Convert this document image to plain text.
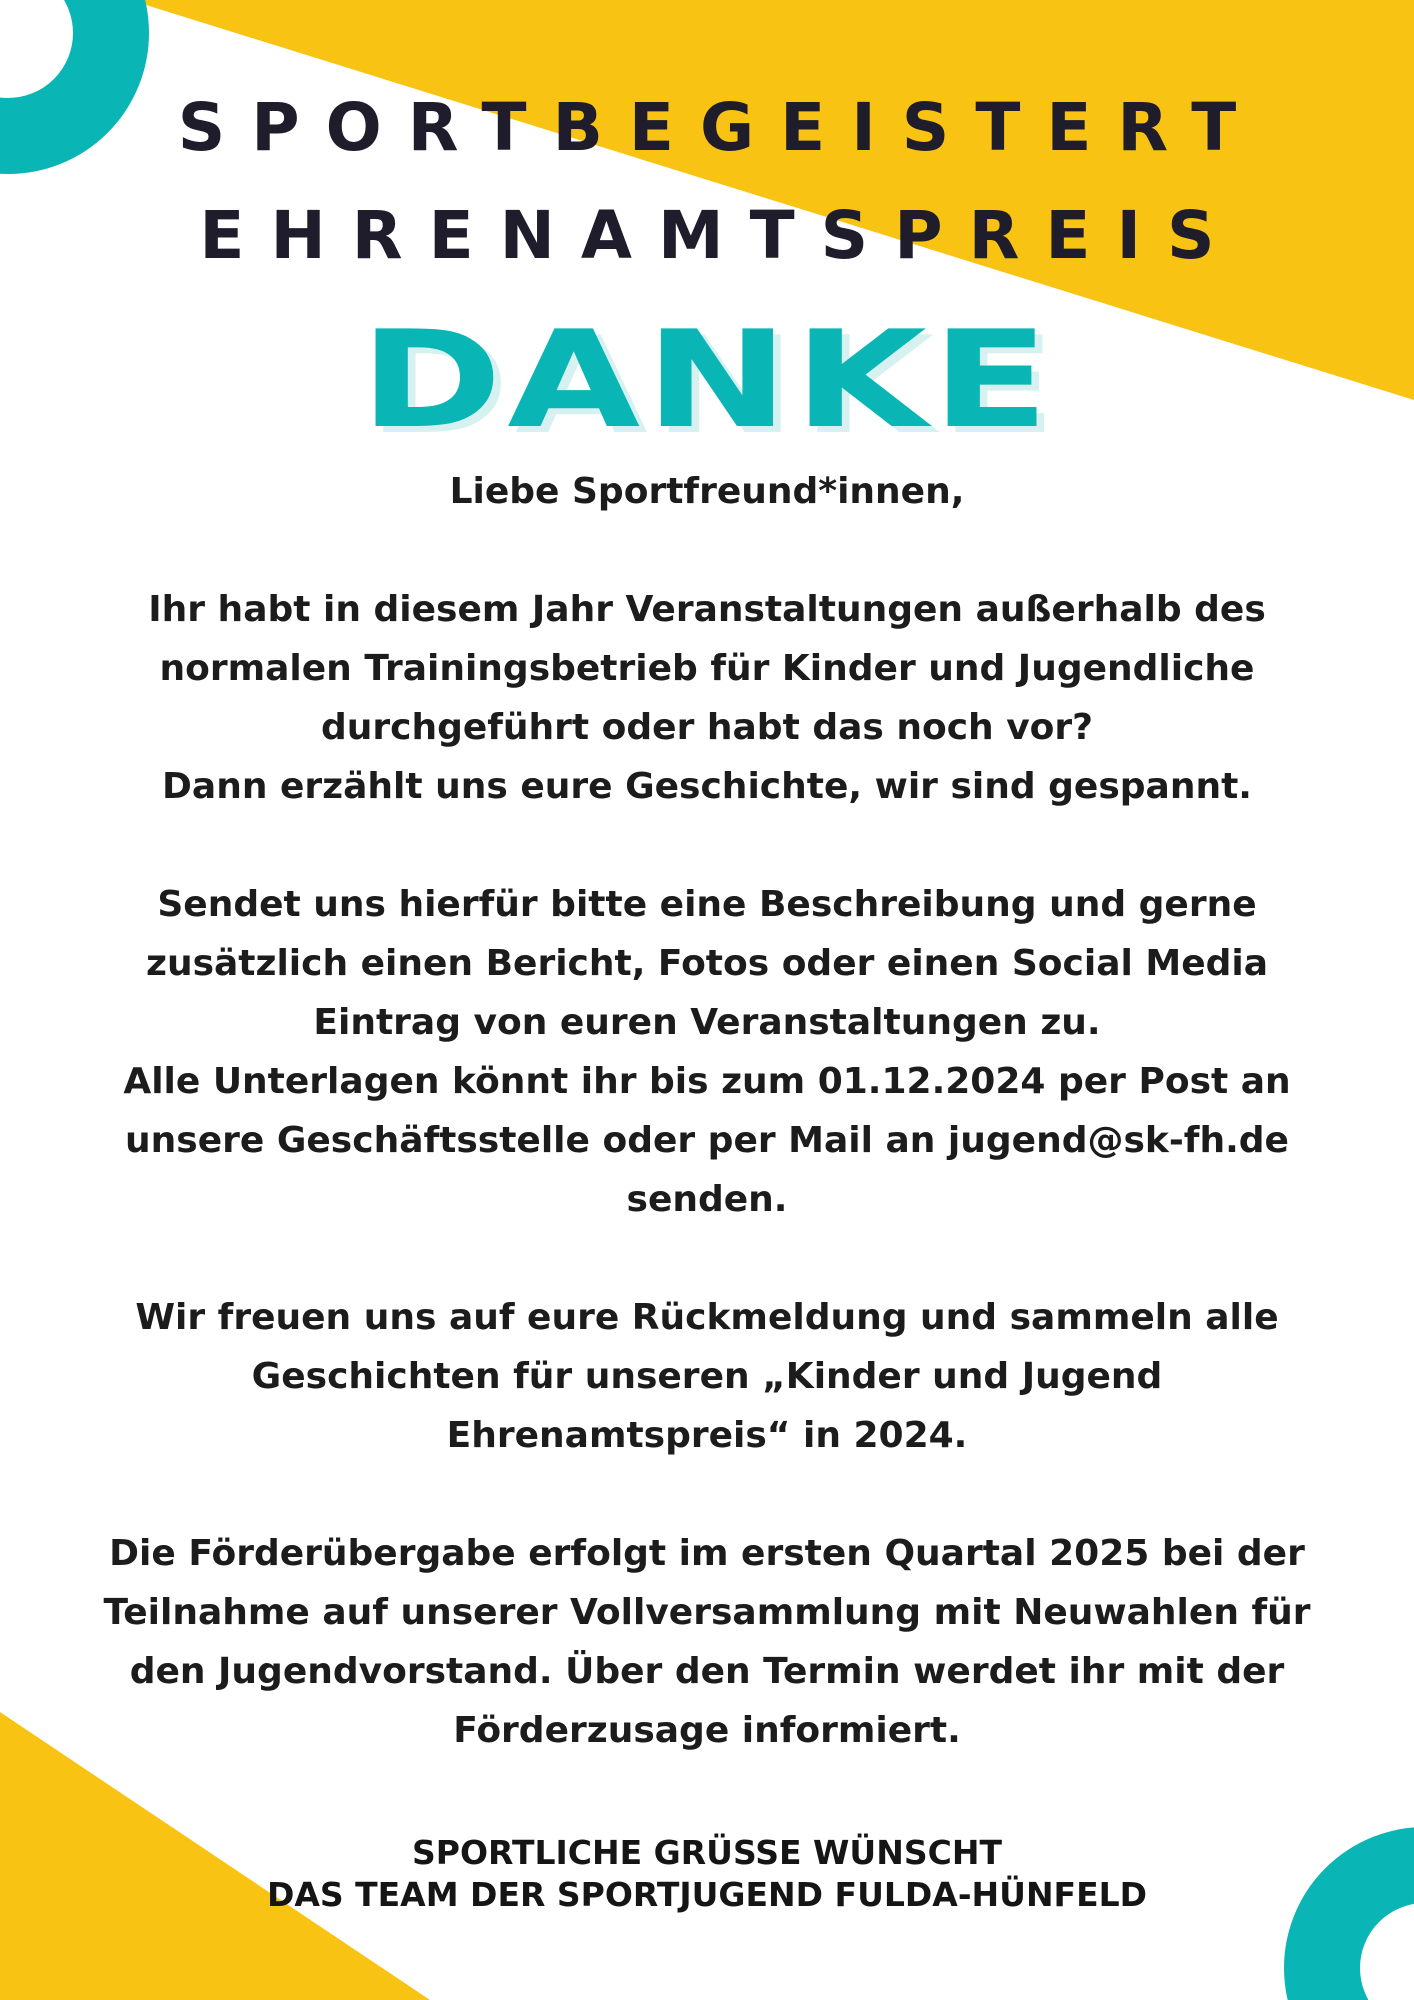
SPORTBEGEISTERT
EHRENAMTSPREIS
DANKE

Liebe Sportfreund*innen,

Ihr habt in diesem Jahr Veranstaltungen außerhalb des

normalen Trainingsbetrieb für Kinder und Jugendliche

durchgeführt oder habt das noch vor?

Dann erzählt uns eure Geschichte, wir sind gespannt.

Sendet uns hierfür bitte eine Beschreibung und gerne

zusätzlich einen Bericht, Fotos oder einen Social Media

Eintrag von euren Veranstaltungen zu.

Alle Unterlagen könnt ihr bis zum 01.12.2024 per Post an

unsere Geschäftsstelle oder per Mail an jugend@sk-fh.de

senden.

Wir freuen uns auf eure Rückmeldung und sammeln alle

Geschichten für unseren „Kinder und Jugend

Ehrenamtspreis“ in 2024.

Die Förderübergabe erfolgt im ersten Quartal 2025 bei der

Teilnahme auf unserer Vollversammlung mit Neuwahlen für

den Jugendvorstand. Über den Termin werdet ihr mit der

Förderzusage informiert.

SPORTLICHE GRÜSSE WÜNSCHT

DAS TEAM DER SPORTJUGEND FULDA-HÜNFELD
